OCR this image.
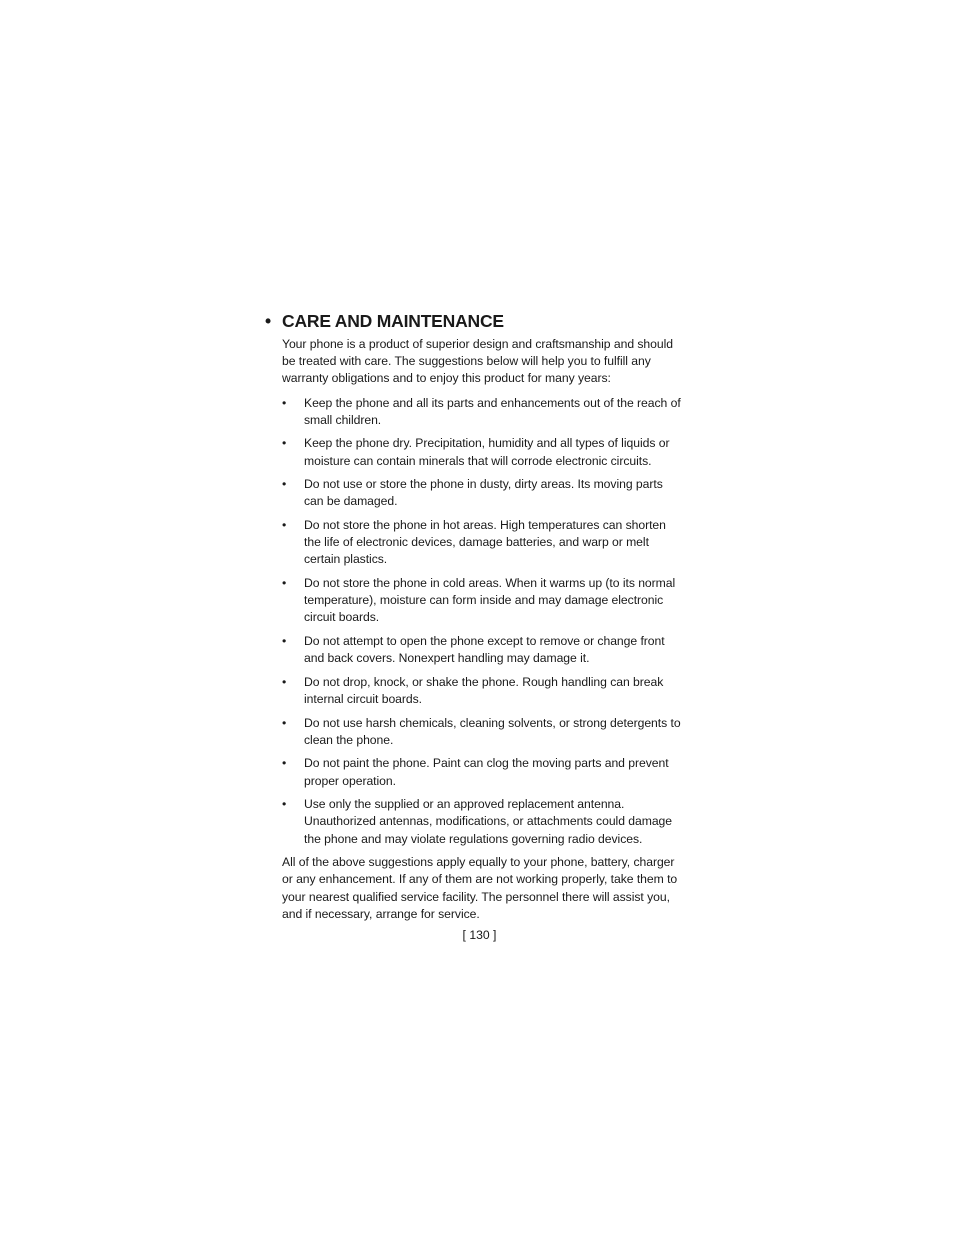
• CARE AND MAINTENANCE

Your phone is a product of superior design and craftsmanship and should be treated with care. The suggestions below will help you to fulfill any warranty obligations and to enjoy this product for many years:

•	Keep the phone and all its parts and enhancements out of the reach of small children.
•	Keep the phone dry. Precipitation, humidity and all types of liquids or moisture can contain minerals that will corrode electronic circuits.
•	Do not use or store the phone in dusty, dirty areas. Its moving parts can be damaged.
•	Do not store the phone in hot areas. High temperatures can shorten the life of electronic devices, damage batteries, and warp or melt certain plastics.
•	Do not store the phone in cold areas. When it warms up (to its normal temperature), moisture can form inside and may damage electronic circuit boards.
•	Do not attempt to open the phone except to remove or change front and back covers. Nonexpert handling may damage it.
•	Do not drop, knock, or shake the phone. Rough handling can break internal circuit boards.
•	Do not use harsh chemicals, cleaning solvents, or strong detergents to clean the phone.
•	Do not paint the phone. Paint can clog the moving parts and prevent proper operation.
•	Use only the supplied or an approved replacement antenna. Unauthorized antennas, modifications, or attachments could damage the phone and may violate regulations governing radio devices.

All of the above suggestions apply equally to your phone, battery, charger or any enhancement. If any of them are not working properly, take them to your nearest qualified service facility. The personnel there will assist you, and if necessary, arrange for service.

[ 130 ]
